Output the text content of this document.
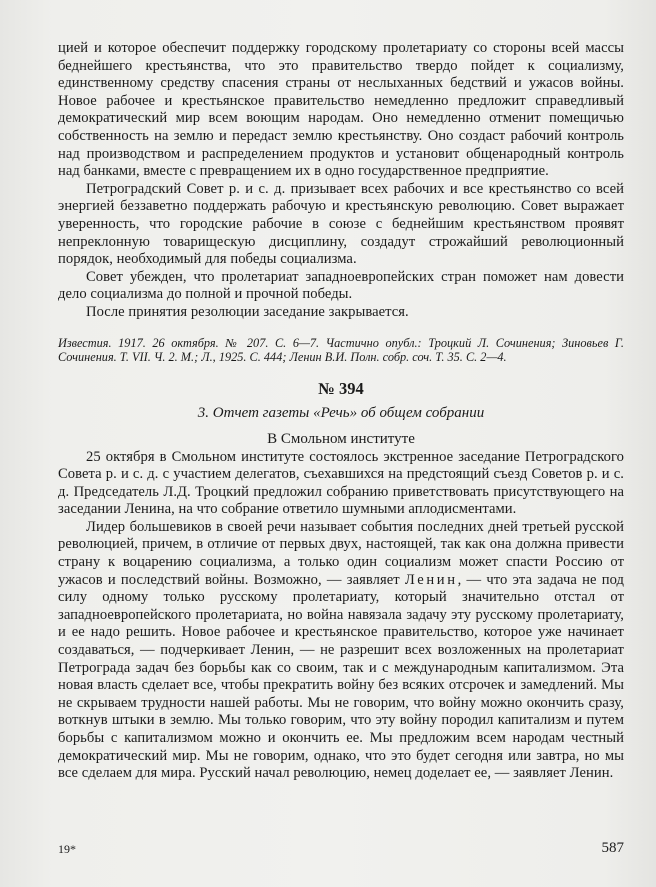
цией и которое обеспечит поддержку городскому пролетариату со стороны всей массы беднейшего крестьянства, что это правительство твердо пойдет к социализму, единственному средству спасения страны от неслыханных бедствий и ужасов войны. Новое рабочее и крестьянское правительство немедленно предложит справедливый демократический мир всем воющим народам. Оно немедленно отменит помещичью собственность на землю и передаст землю крестьянству. Оно создаст рабочий контроль над производством и распределением продуктов и установит общенародный контроль над банками, вместе с превращением их в одно государственное предприятие.

Петроградский Совет р. и с. д. призывает всех рабочих и все крестьянство со всей энергией беззаветно поддержать рабочую и крестьянскую революцию. Совет выражает уверенность, что городские рабочие в союзе с беднейшим крестьянством проявят непреклонную товарищескую дисциплину, создадут строжайший революционный порядок, необходимый для победы социализма.

Совет убежден, что пролетариат западноевропейских стран поможет нам довести дело социализма до полной и прочной победы.

После принятия резолюции заседание закрывается.

Известия. 1917. 26 октября. № 207. С. 6—7. Частично опубл.: Троцкий Л. Сочинения; Зиновьев Г. Сочинения. Т. VII. Ч. 2. М.; Л., 1925. С. 444; Ленин В.И. Полн. собр. соч. Т. 35. С. 2—4.

№ 394

3. Отчет газеты «Речь» об общем собрании

В Смольном институте

25 октября в Смольном институте состоялось экстренное заседание Петроградского Совета р. и с. д. с участием делегатов, съехавшихся на предстоящий съезд Советов р. и с. д. Председатель Л.Д. Троцкий предложил собранию приветствовать присутствующего на заседании Ленина, на что собрание ответило шумными аплодисментами.

Лидер большевиков в своей речи называет события последних дней третьей русской революцией, причем, в отличие от первых двух, настоящей, так как она должна привести страну к воцарению социализма, а только один социализм может спасти Россию от ужасов и последствий войны. Возможно, — заявляет Ленин, — что эта задача не под силу одному только русскому пролетариату, который значительно отстал от западноевропейского пролетариата, но война навязала задачу эту русскому пролетариату, и ее надо решить. Новое рабочее и крестьянское правительство, которое уже начинает создаваться, — подчеркивает Ленин, — не разрешит всех возложенных на пролетариат Петрограда задач без борьбы как со своим, так и с международным капитализмом. Эта новая власть сделает все, чтобы прекратить войну без всяких отсрочек и замедлений. Мы не скрываем трудности нашей работы. Мы не говорим, что войну можно окончить сразу, воткнув штыки в землю. Мы только говорим, что эту войну породил капитализм и путем борьбы с капитализмом можно и окончить ее. Мы предложим всем народам честный демократический мир. Мы не говорим, однако, что это будет сегодня или завтра, но мы все сделаем для мира. Русский начал революцию, немец доделает ее, — заявляет Ленин.

19*	587
